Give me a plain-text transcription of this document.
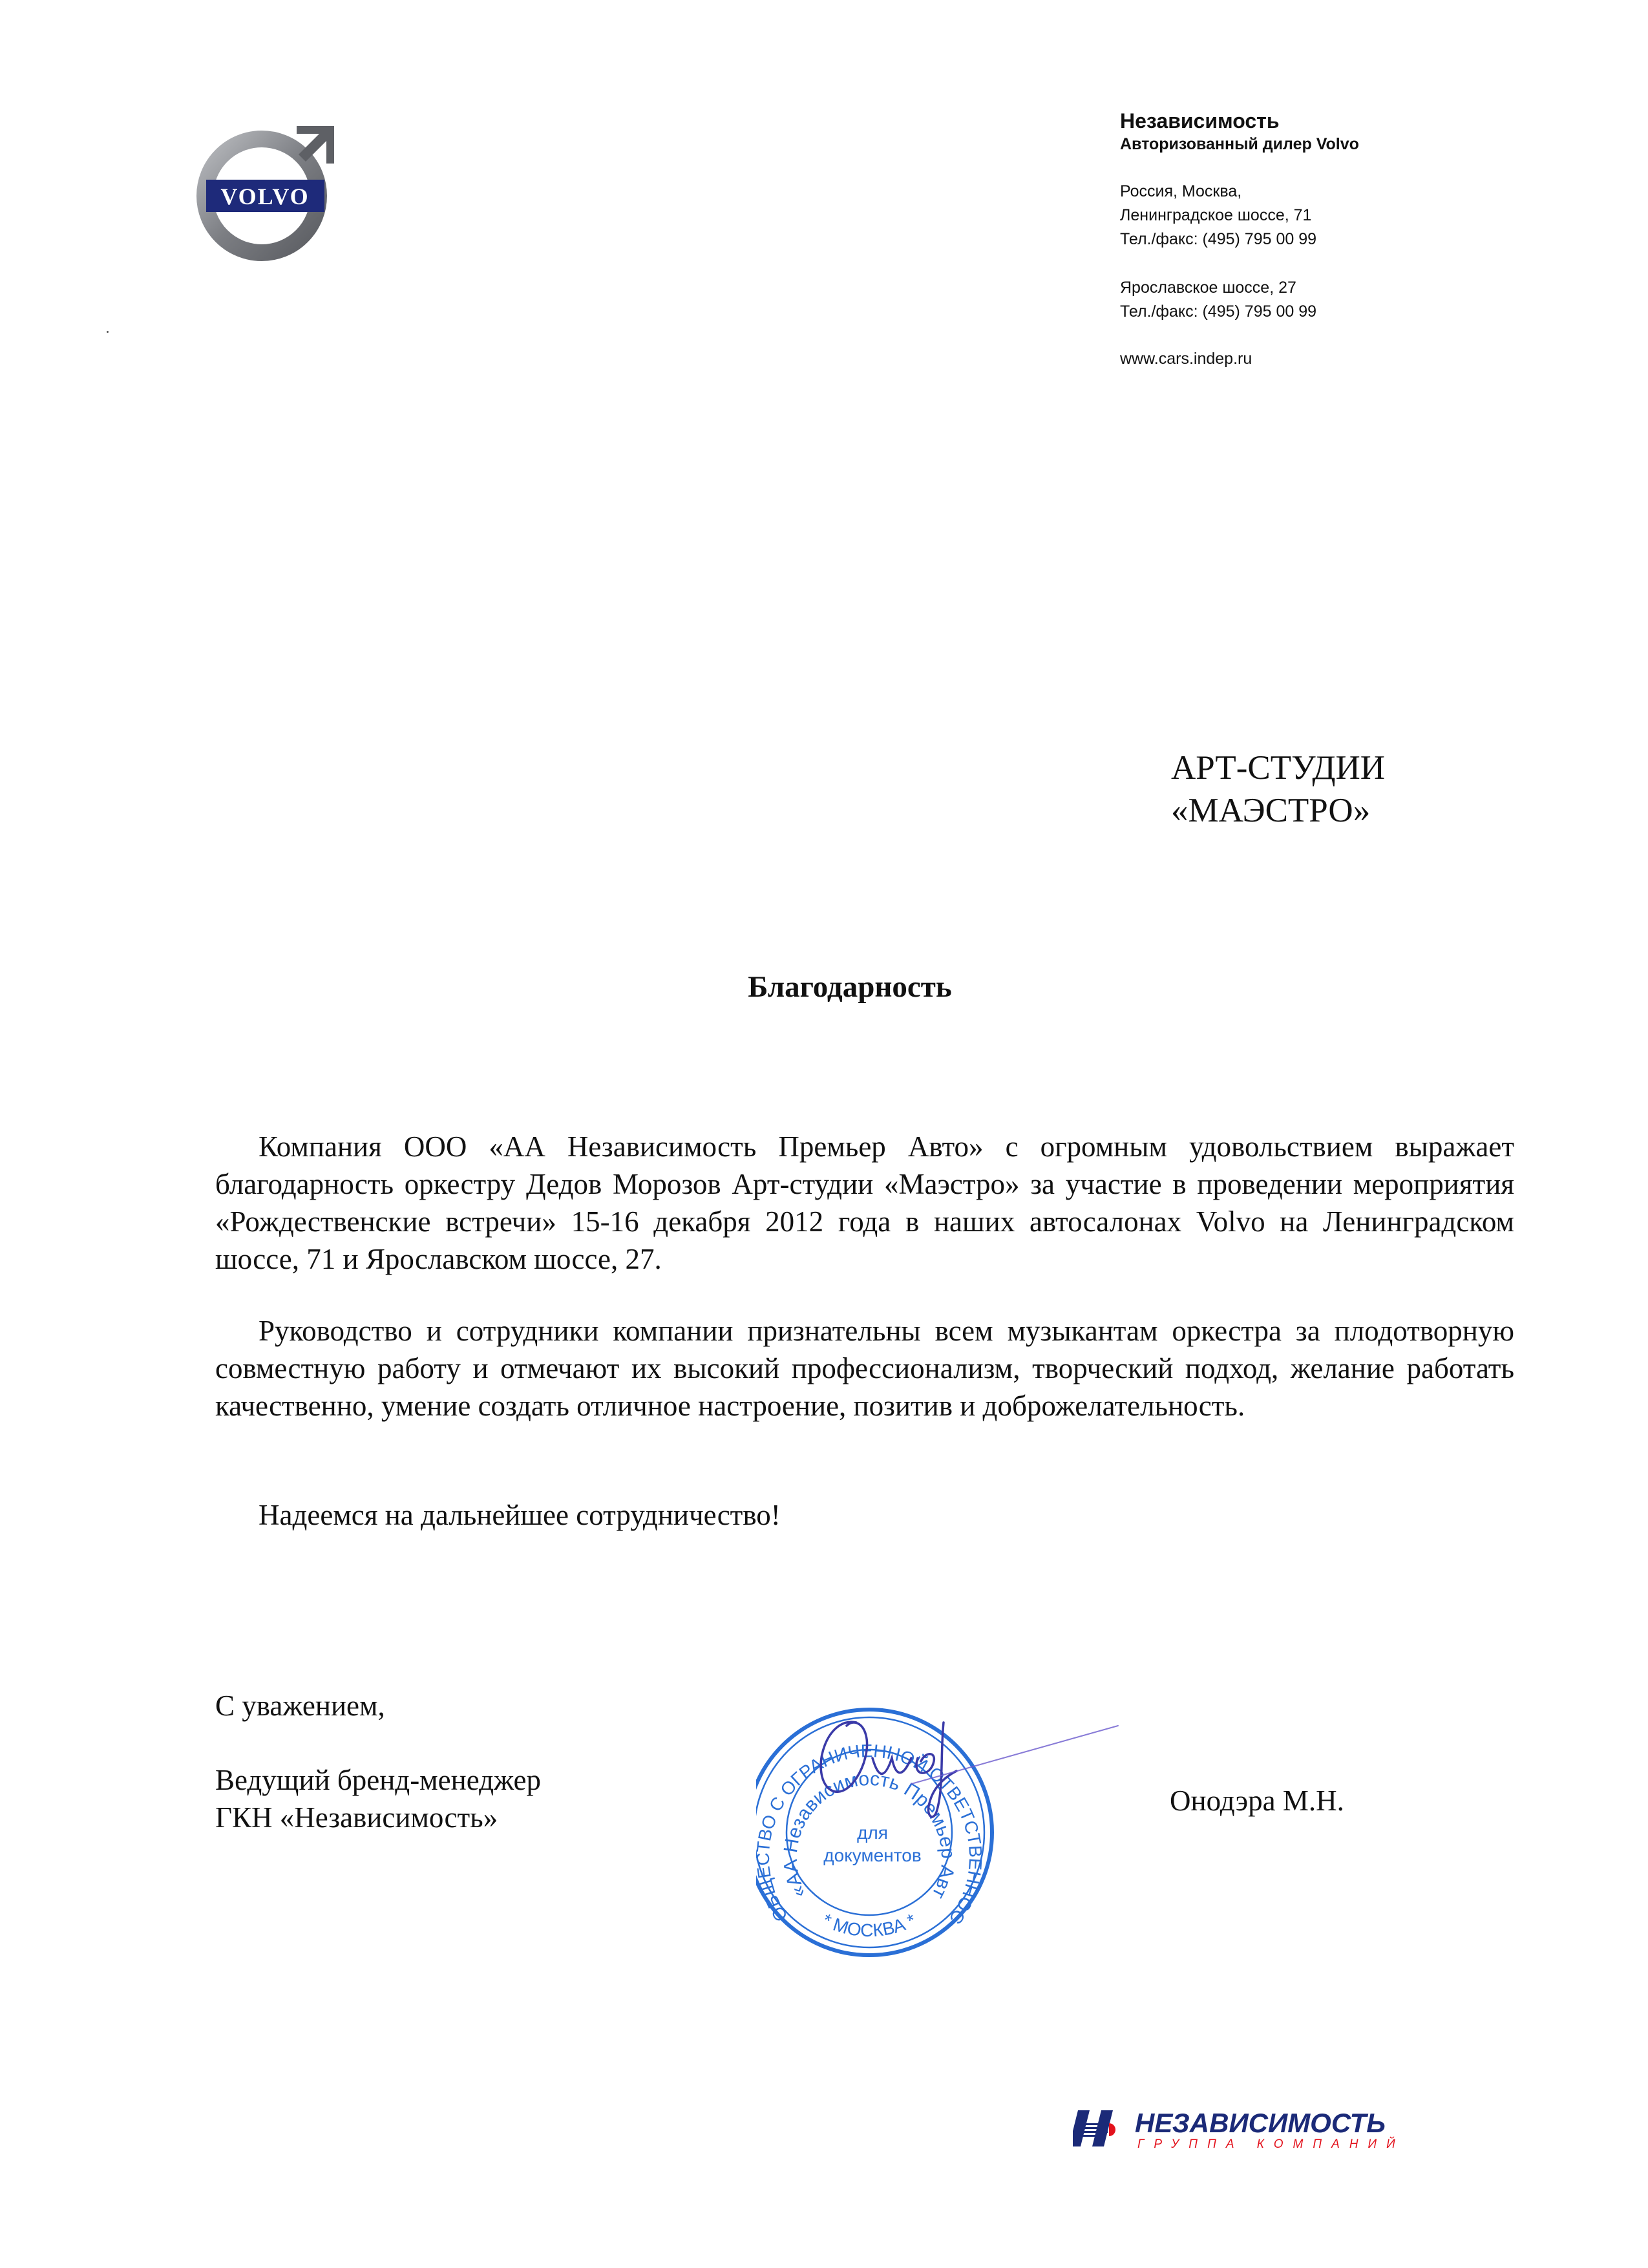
VOLVO
Независимость
Авторизованный дилер Volvo
Россия, Москва,
Ленинградское шоссе, 71
Тел./факс: (495) 795 00 99
Ярославское шоссе, 27
Тел./факс: (495) 795 00 99
www.cars.indep.ru
АРТ-СТУДИИ
«МАЭСТРО»
Благодарность
Компания ООО «АА Независимость Премьер Авто» с огромным удовольствием выражает благодарность оркестру Дедов Морозов Арт-студии «Маэстро» за участие в проведении мероприятия «Рождественские встречи» 15-16 декабря 2012 года в наших автосалонах Volvo на Ленинградском шоссе, 71 и Ярославском шоссе, 27.
Руководство и сотрудники компании признательны всем музыкантам оркестра за плодотворную совместную работу и отмечают их высокий профессионализм, творческий подход, желание работать качественно, умение создать отличное настроение, позитив и доброжелательность.
Надеемся на дальнейшее сотрудничество!
С уважением,
Ведущий бренд-менеджер
ГКН «Независимость»
Онодэра М.Н.
ОБЩ ВО С ОГРАНИЧЕННОЙ ОТВЕТСТВЕННОС
«АА Независимость Премьер Авт
* МОСКВА *
для
документов
НЕЗАВИСИМОСТЬ
ГРУППА КОМПАНИЙ
